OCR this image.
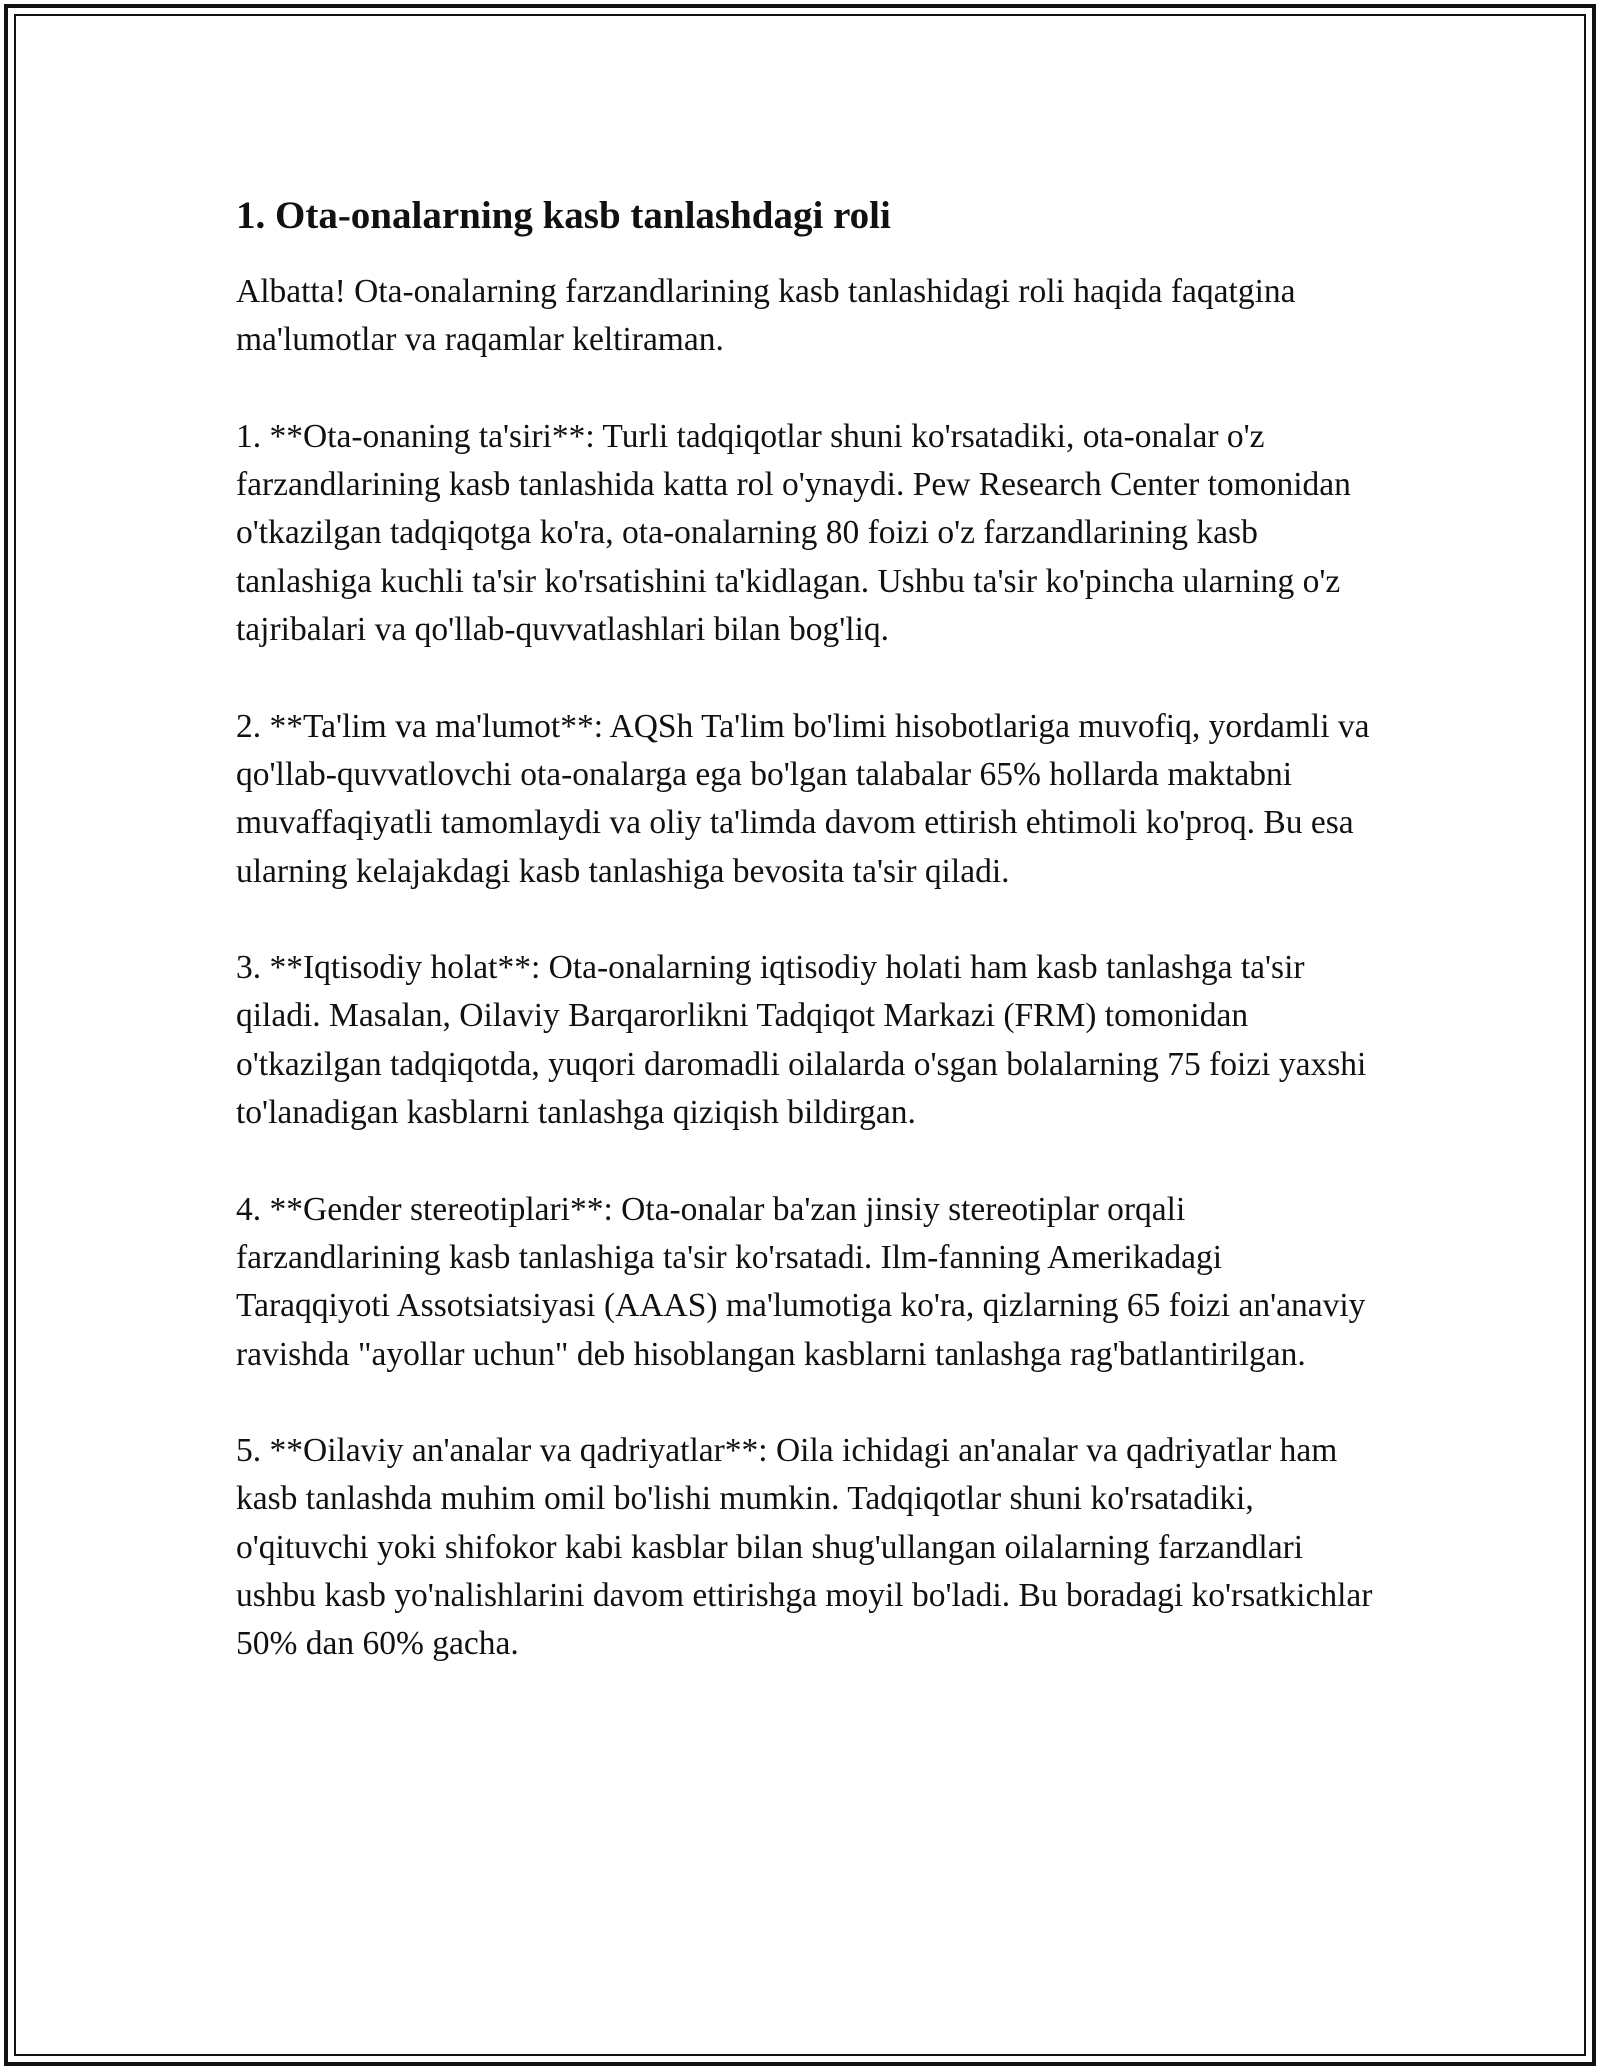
1. Ota-onalarning kasb tanlashdagi roli

Albatta! Ota-onalarning farzandlarining kasb tanlashidagi roli haqida faqatgina ma'lumotlar va raqamlar keltiraman.

1. **Ota-onaning ta'siri**: Turli tadqiqotlar shuni ko'rsatadiki, ota-onalar o'z farzandlarining kasb tanlashida katta rol o'ynaydi. Pew Research Center tomonidan o'tkazilgan tadqiqotga ko'ra, ota-onalarning 80 foizi o'z farzandlarining kasb tanlashiga kuchli ta'sir ko'rsatishini ta'kidlagan. Ushbu ta'sir ko'pincha ularning o'z tajribalari va qo'llab-quvvatlashlari bilan bog'liq.

2. **Ta'lim va ma'lumot**: AQSh Ta'lim bo'limi hisobotlariga muvofiq, yordamli va qo'llab-quvvatlovchi ota-onalarga ega bo'lgan talabalar 65% hollarda maktabni muvaffaqiyatli tamomlaydi va oliy ta'limda davom ettirish ehtimoli ko'proq. Bu esa ularning kelajakdagi kasb tanlashiga bevosita ta'sir qiladi.

3. **Iqtisodiy holat**: Ota-onalarning iqtisodiy holati ham kasb tanlashga ta'sir qiladi. Masalan, Oilaviy Barqarorlikni Tadqiqot Markazi (FRM) tomonidan o'tkazilgan tadqiqotda, yuqori daromadli oilalarda o'sgan bolalarning 75 foizi yaxshi to'lanadigan kasblarni tanlashga qiziqish bildirgan.

4. **Gender stereotiplari**: Ota-onalar ba'zan jinsiy stereotiplar orqali farzandlarining kasb tanlashiga ta'sir ko'rsatadi. Ilm-fanning Amerikadagi Taraqqiyoti Assotsiatsiyasi (AAAS) ma'lumotiga ko'ra, qizlarning 65 foizi an'anaviy ravishda "ayollar uchun" deb hisoblangan kasblarni tanlashga rag'batlantirilgan.

5. **Oilaviy an'analar va qadriyatlar**: Oila ichidagi an'analar va qadriyatlar ham kasb tanlashda muhim omil bo'lishi mumkin. Tadqiqotlar shuni ko'rsatadiki, o'qituvchi yoki shifokor kabi kasblar bilan shug'ullangan oilalarning farzandlari ushbu kasb yo'nalishlarini davom ettirishga moyil bo'ladi. Bu boradagi ko'rsatkichlar 50% dan 60% gacha.
